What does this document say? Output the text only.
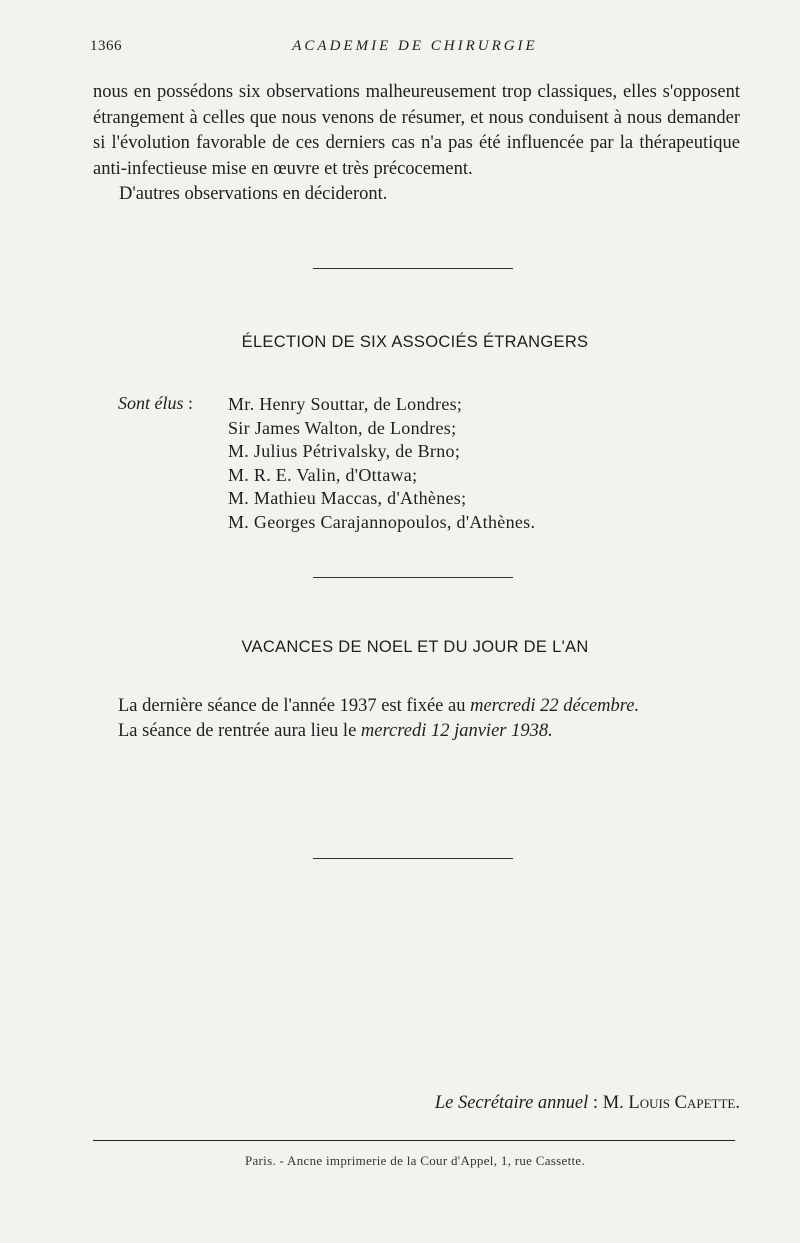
1366	ACADEMIE DE CHIRURGIE

nous en possédons six observations malheureusement trop classiques, elles s'opposent étrangement à celles que nous venons de résumer, et nous conduisent à nous demander si l'évolution favorable de ces derniers cas n'a pas été influencée par la thérapeutique anti-infectieuse mise en œuvre et très précocement.

D'autres observations en décideront.

ÉLECTION DE SIX ASSOCIÉS ÉTRANGERS
Sont élus : Mr. Henry Souttar, de Londres;
Sir James Walton, de Londres;
M. Julius Pétrivalsky, de Brno;
M. R. E. Valin, d'Ottawa;
M. Mathieu Maccas, d'Athènes;
M. Georges Carajannopoulos, d'Athènes.
VACANCES DE NOEL ET DU JOUR DE L'AN
La dernière séance de l'année 1937 est fixée au mercredi 22 décembre.
La séance de rentrée aura lieu le mercredi 12 janvier 1938.
Le Secrétaire annuel : M. Louis Capette.
Paris. - Ancne imprimerie de la Cour d'Appel, 1, rue Cassette.
